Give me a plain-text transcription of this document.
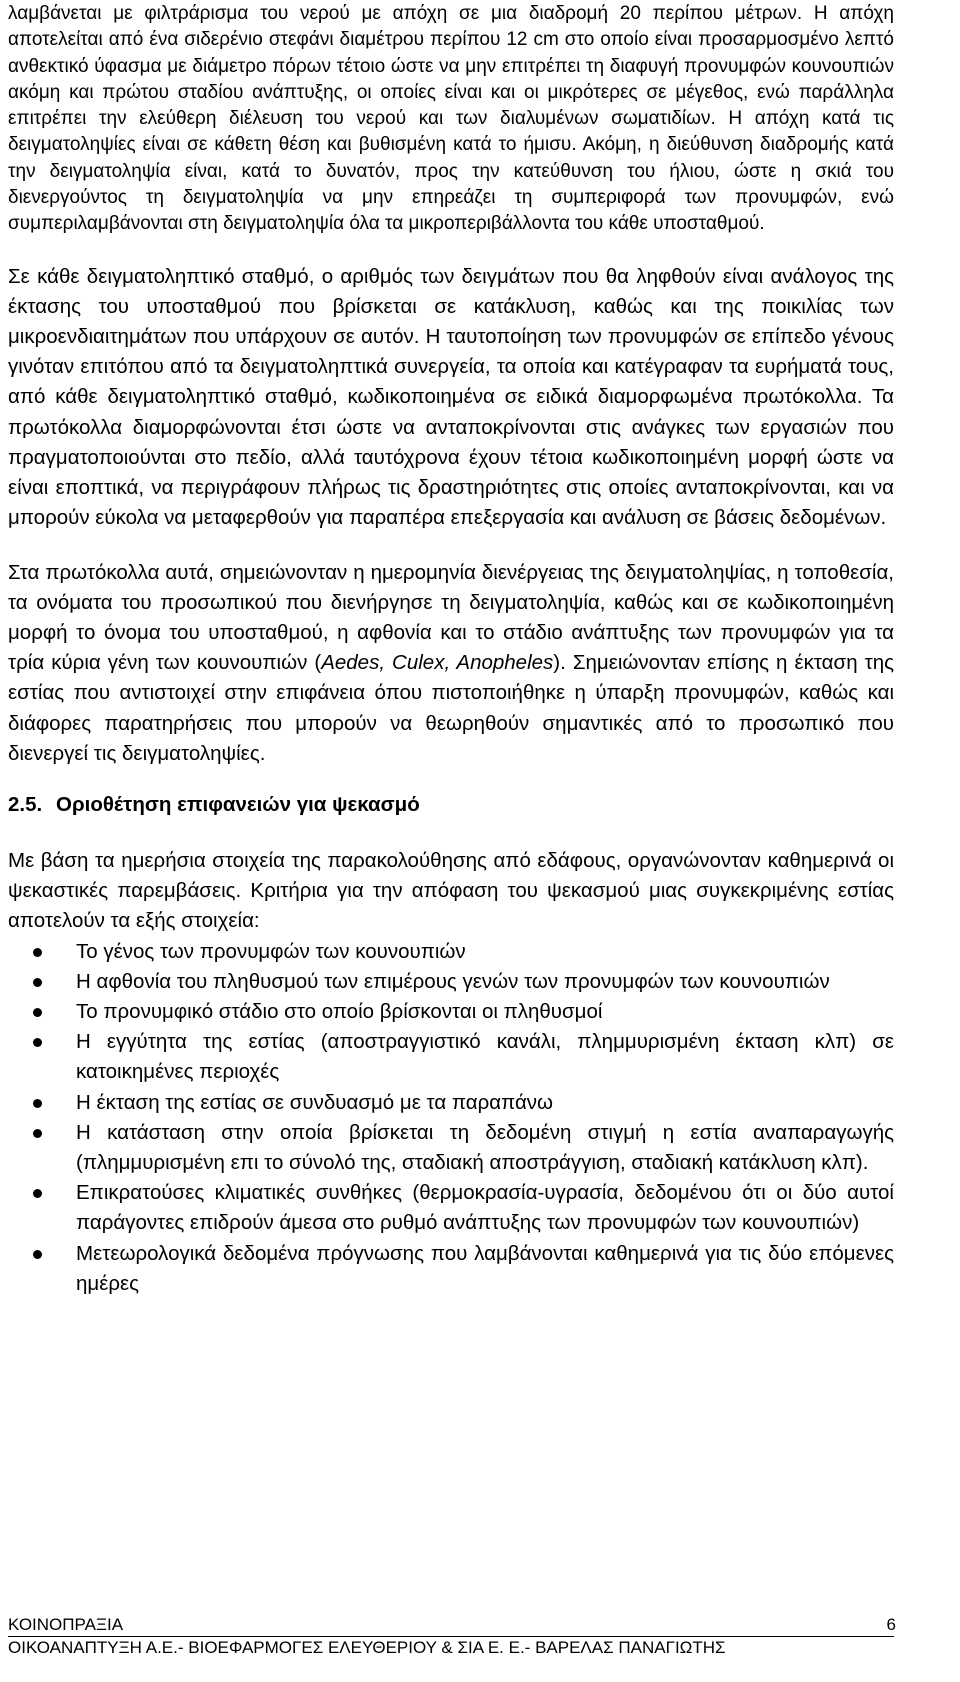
λαμβάνεται με φιλτράρισμα του νερού με απόχη σε μια διαδρομή 20 περίπου μέτρων. Η απόχη αποτελείται από ένα σιδερένιο στεφάνι διαμέτρου περίπου 12 cm στο οποίο είναι προσαρμοσμένο λεπτό ανθεκτικό ύφασμα με διάμετρο πόρων τέτοιο ώστε να μην επιτρέπει τη διαφυγή προνυμφών κουνουπιών ακόμη και πρώτου σταδίου ανάπτυξης, οι οποίες είναι και οι μικρότερες σε μέγεθος, ενώ παράλληλα επιτρέπει την ελεύθερη διέλευση του νερού και των διαλυμένων σωματιδίων. Η απόχη κατά τις δειγματοληψίες είναι σε κάθετη θέση και βυθισμένη κατά το ήμισυ. Ακόμη, η διεύθυνση διαδρομής κατά την δειγματοληψία είναι, κατά το δυνατόν, προς την κατεύθυνση του ήλιου, ώστε η σκιά του διενεργούντος τη δειγματοληψία να μην επηρεάζει τη συμπεριφορά των προνυμφών, ενώ συμπεριλαμβάνονται στη δειγματοληψία όλα τα μικροπεριβάλλοντα του κάθε υποσταθμού.

Σε κάθε δειγματοληπτικό σταθμό, ο αριθμός των δειγμάτων που θα ληφθούν είναι ανάλογος της έκτασης του υποσταθμού που βρίσκεται σε κατάκλυση, καθώς και της ποικιλίας των μικροενδιαιτημάτων που υπάρχουν σε αυτόν. Η ταυτοποίηση των προνυμφών σε επίπεδο γένους γινόταν επιτόπου από τα δειγματοληπτικά συνεργεία, τα οποία και κατέγραφαν τα ευρήματά τους, από κάθε δειγματοληπτικό σταθμό, κωδικοποιημένα σε ειδικά διαμορφωμένα πρωτόκολλα. Τα πρωτόκολλα διαμορφώνονται έτσι ώστε να ανταποκρίνονται στις ανάγκες των εργασιών που πραγματοποιούνται στο πεδίο, αλλά ταυτόχρονα έχουν τέτοια κωδικοποιημένη μορφή ώστε να είναι εποπτικά, να περιγράφουν πλήρως τις δραστηριότητες στις οποίες ανταποκρίνονται, και να μπορούν εύκολα να μεταφερθούν για παραπέρα επεξεργασία και ανάλυση σε βάσεις δεδομένων.

Στα πρωτόκολλα αυτά, σημειώνονταν η ημερομηνία διενέργειας της δειγματοληψίας, η τοποθεσία, τα ονόματα του προσωπικού που διενήργησε τη δειγματοληψία, καθώς και σε κωδικοποιημένη μορφή το όνομα του υποσταθμού, η αφθονία και το στάδιο ανάπτυξης των προνυμφών για τα τρία κύρια γένη των κουνουπιών (Aedes, Culex, Anopheles). Σημειώνονταν επίσης η έκταση της εστίας που αντιστοιχεί στην επιφάνεια όπου πιστοποιήθηκε η ύπαρξη προνυμφών, καθώς και διάφορες παρατηρήσεις που μπορούν να θεωρηθούν σημαντικές από το προσωπικό που διενεργεί τις δειγματοληψίες.

2.5. Οριοθέτηση επιφανειών για ψεκασμό

Με βάση τα ημερήσια στοιχεία της παρακολούθησης από εδάφους, οργανώνονταν καθημερινά οι ψεκαστικές παρεμβάσεις. Κριτήρια για την απόφαση του ψεκασμού μιας συγκεκριμένης εστίας αποτελούν τα εξής στοιχεία:

Το γένος των προνυμφών των κουνουπιών
Η αφθονία του πληθυσμού των επιμέρους γενών των προνυμφών των κουνουπιών
Το προνυμφικό στάδιο στο οποίο βρίσκονται οι πληθυσμοί
Η εγγύτητα της εστίας (αποστραγγιστικό κανάλι, πλημμυρισμένη έκταση κλπ) σε κατοικημένες περιοχές
Η έκταση της εστίας σε συνδυασμό με τα παραπάνω
Η κατάσταση στην οποία βρίσκεται τη δεδομένη στιγμή η εστία αναπαραγωγής (πλημμυρισμένη επι το σύνολό της, σταδιακή αποστράγγιση, σταδιακή κατάκλυση κλπ).
Επικρατούσες κλιματικές συνθήκες (θερμοκρασία-υγρασία, δεδομένου ότι οι δύο αυτοί παράγοντες επιδρούν άμεσα στο ρυθμό ανάπτυξης των προνυμφών των κουνουπιών)
Μετεωρολογικά δεδομένα πρόγνωσης που λαμβάνονται καθημερινά για τις δύο επόμενες ημέρες
ΚΟΙΝΟΠΡΑΞΙΑ	6
ΟΙΚΟΑΝΑΠΤΥΞΗ Α.Ε.- ΒΙΟΕΦΑΡΜΟΓΕΣ ΕΛΕΥΘΕΡΙΟΥ & ΣΙΑ Ε. Ε.- ΒΑΡΕΛΑΣ ΠΑΝΑΓΙΩΤΗΣ
